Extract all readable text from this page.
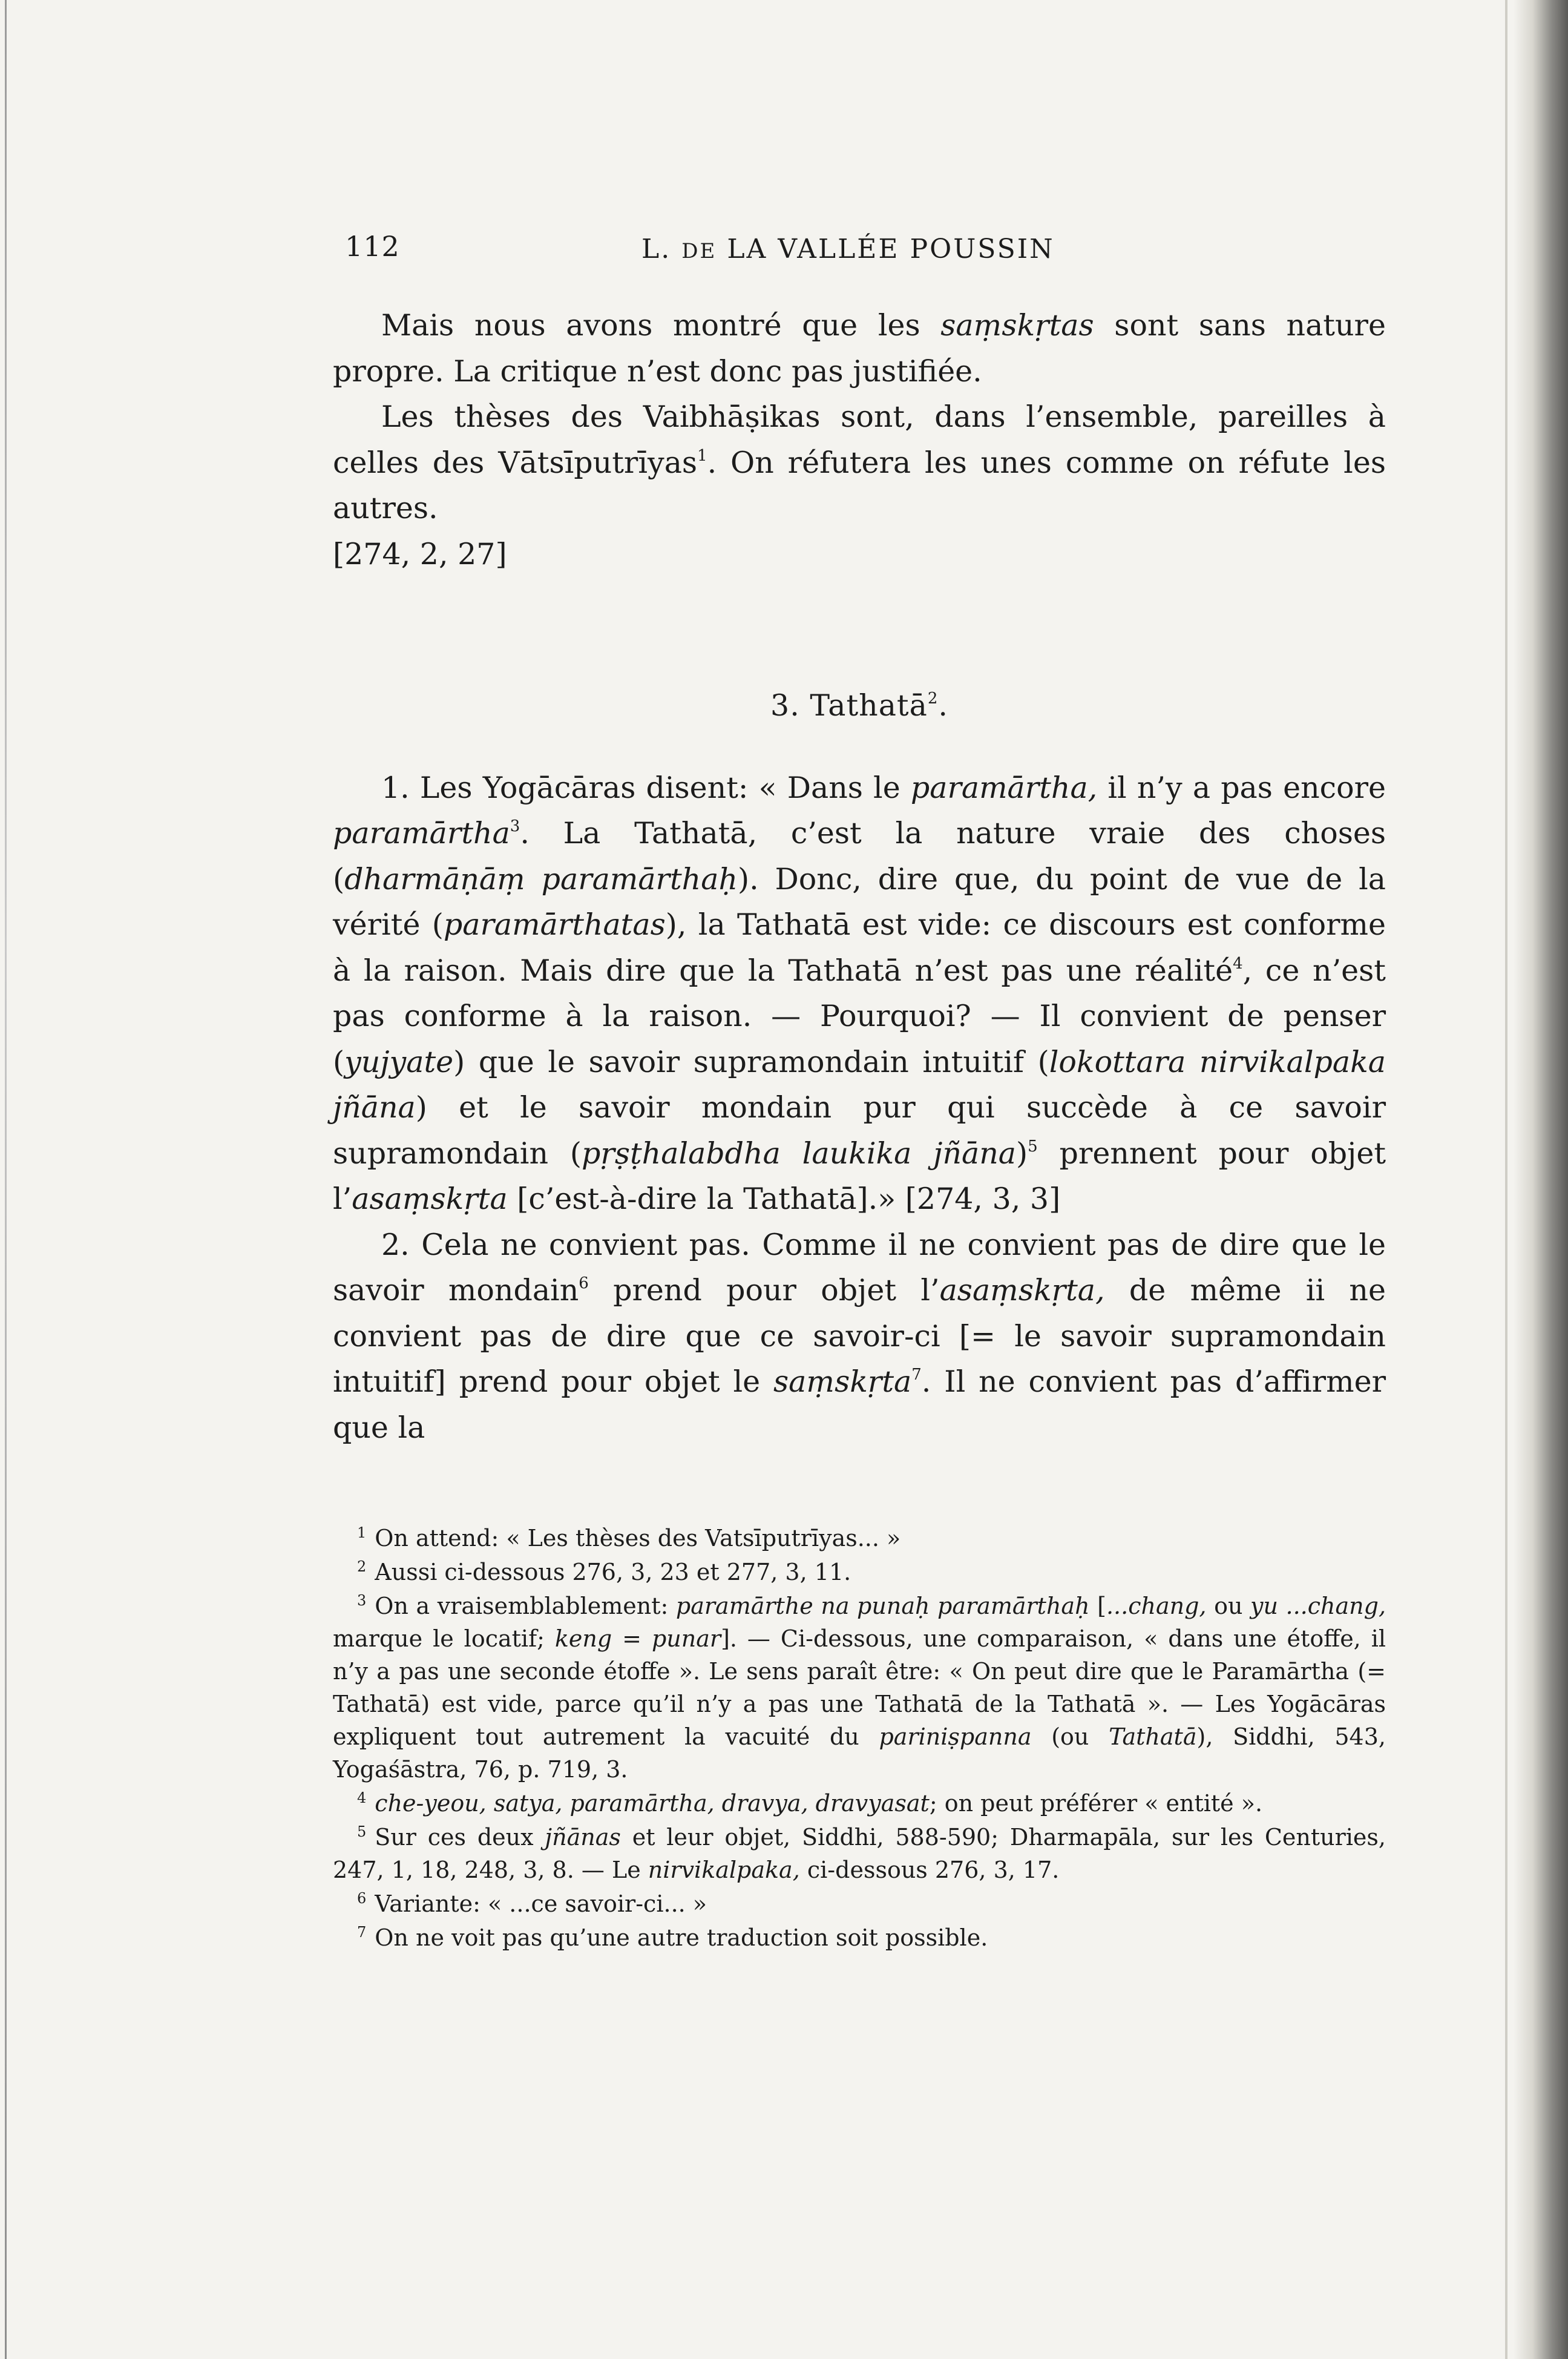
112	L. DE LA VALLÉE POUSSIN

Mais nous avons montré que les saṃskṛtas sont sans nature propre. La critique n’est donc pas justifiée.

Les thèses des Vaibhāṣikas sont, dans l’ensemble, pareilles à celles des Vātsīputrīyas$^1$. On réfutera les unes comme on réfute les autres.
[274, 2, 27]

3. Tathatā$^2$.

1. Les Yogācāras disent: « Dans le paramārtha, il n’y a pas encore paramārtha$^3$. La Tathatā, c’est la nature vraie des choses (dharmāṇāṃ paramārthaḥ). Donc, dire que, du point de vue de la vérité (paramārthatas), la Tathatā est vide: ce discours est conforme à la raison. Mais dire que la Tathatā n’est pas une réalité$^4$, ce n’est pas conforme à la raison. — Pourquoi? — Il convient de penser (yujyate) que le savoir supramondain intuitif (lokottara nirvikalpaka jñāna) et le savoir mondain pur qui succède à ce savoir supramondain (pṛṣṭhalabdha laukika jñāna)$^5$ prennent pour objet l’asaṃskṛta [c’est-à-dire la Tathatā].» [274, 3, 3]

2. Cela ne convient pas. Comme il ne convient pas de dire que le savoir mondain$^6$ prend pour objet l’asaṃskṛta, de même ii ne convient pas de dire que ce savoir-ci [= le savoir supramondain intuitif] prend pour objet le saṃskṛta$^7$. Il ne convient pas d’affirmer que la

$^1$ On attend: « Les thèses des Vatsīputrīyas... »

$^2$ Aussi ci-dessous 276, 3, 23 et 277, 3, 11.

$^3$ On a vraisemblablement: paramārthe na punaḥ paramārthaḥ [...chang, ou yu ...chang, marque le locatif; keng = punar]. — Ci-dessous, une comparaison, « dans une étoffe, il n’y a pas une seconde étoffe ». Le sens paraît être: « On peut dire que le Paramārtha (= Tathatā) est vide, parce qu’il n’y a pas une Tathatā de la Tathatā ». — Les Yogācāras expliquent tout autrement la vacuité du pariniṣpanna (ou Tathatā), Siddhi, 543, Yogaśāstra, 76, p. 719, 3.

$^4$ che-yeou, satya, paramārtha, dravya, dravyasat; on peut préférer « entité ».

$^5$ Sur ces deux jñānas et leur objet, Siddhi, 588-590; Dharmapāla, sur les Centuries, 247, 1, 18, 248, 3, 8. — Le nirvikalpaka, ci-dessous 276, 3, 17.

$^6$ Variante: « ...ce savoir-ci... »

$^7$ On ne voit pas qu’une autre traduction soit possible.
